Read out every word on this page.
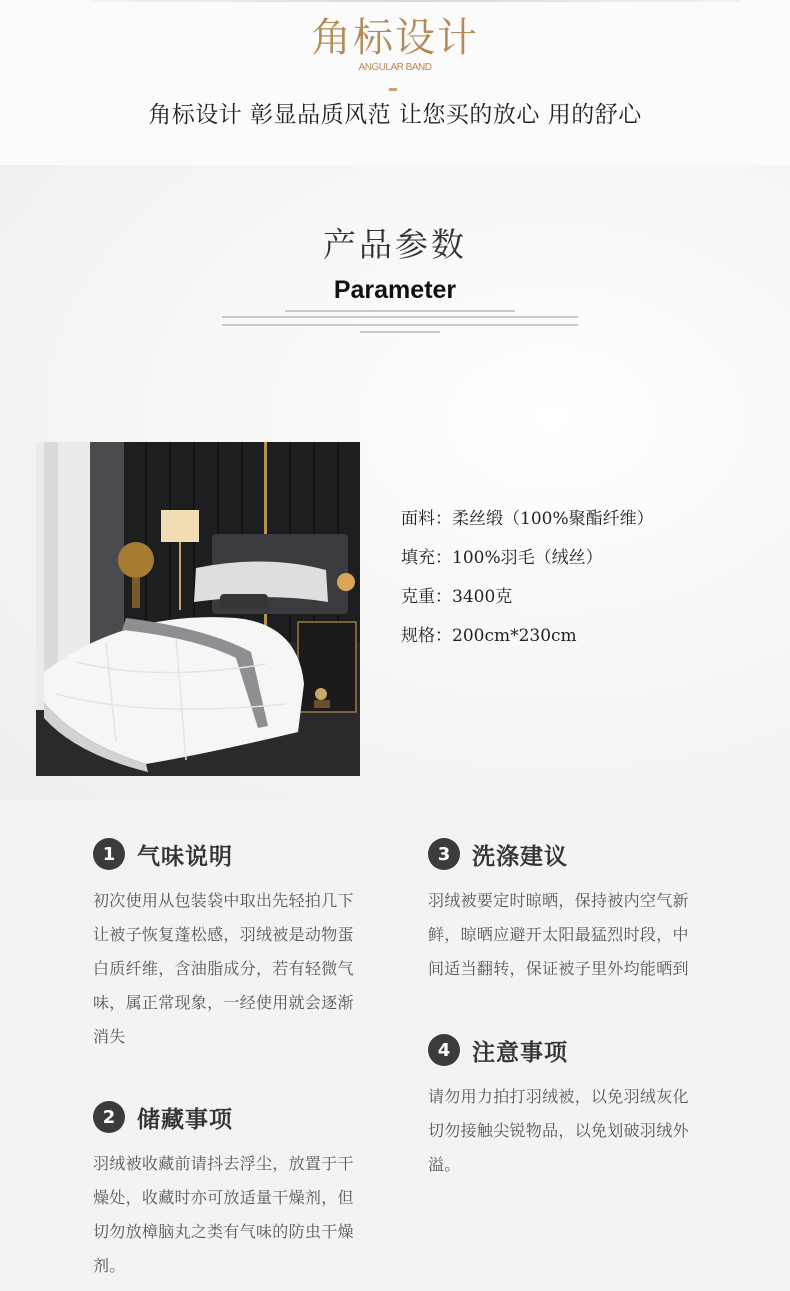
角标设计
ANGULAR BAND
角标设计 彰显品质风范 让您买的放心 用的舒心
产品参数
Parameter
面料：柔丝缎（100%聚酯纤维）
填充：100%羽毛（绒丝）
克重：3400克
规格：200cm*230cm
1 气味说明
初次使用从包装袋中取出先轻拍几下
让被子恢复蓬松感，羽绒被是动物蛋
白质纤维，含油脂成分，若有轻微气
味，属正常现象，一经使用就会逐渐
消失
2 储藏事项
羽绒被收藏前请抖去浮尘，放置于干
燥处，收藏时亦可放适量干燥剂，但
切勿放樟脑丸之类有气味的防虫干燥
剂。
3 洗涤建议
羽绒被要定时晾晒，保持被内空气新
鲜，晾晒应避开太阳最猛烈时段，中
间适当翻转，保证被子里外均能晒到
4 注意事项
请勿用力拍打羽绒被，以免羽绒灰化
切勿接触尖锐物品，以免划破羽绒外
溢。
